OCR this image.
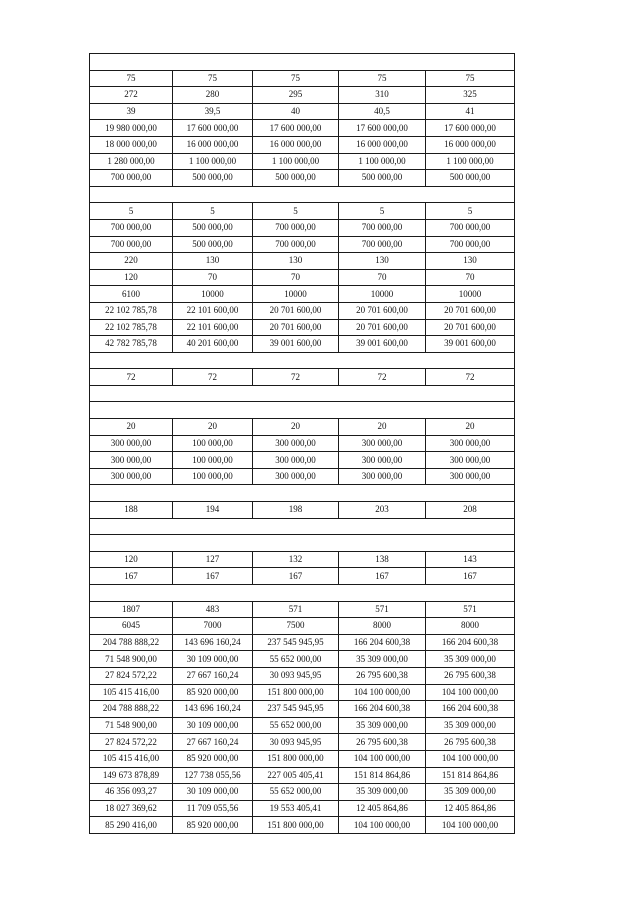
75	75	75	75	75
272	280	295	310	325
39	39,5	40	40,5	41
19 980 000,00	17 600 000,00	17 600 000,00	17 600 000,00	17 600 000,00
18 000 000,00	16 000 000,00	16 000 000,00	16 000 000,00	16 000 000,00
1 280 000,00	1 100 000,00	1 100 000,00	1 100 000,00	1 100 000,00
700 000,00	500 000,00	500 000,00	500 000,00	500 000,00

5	5	5	5	5
700 000,00	500 000,00	700 000,00	700 000,00	700 000,00
700 000,00	500 000,00	700 000,00	700 000,00	700 000,00
220	130	130	130	130
120	70	70	70	70
6100	10000	10000	10000	10000
22 102 785,78	22 101 600,00	20 701 600,00	20 701 600,00	20 701 600,00
22 102 785,78	22 101 600,00	20 701 600,00	20 701 600,00	20 701 600,00
42 782 785,78	40 201 600,00	39 001 600,00	39 001 600,00	39 001 600,00

72	72	72	72	72

20	20	20	20	20
300 000,00	100 000,00	300 000,00	300 000,00	300 000,00
300 000,00	100 000,00	300 000,00	300 000,00	300 000,00
300 000,00	100 000,00	300 000,00	300 000,00	300 000,00

188	194	198	203	208

120	127	132	138	143
167	167	167	167	167

1807	483	571	571	571
6045	7000	7500	8000	8000
204 788 888,22	143 696 160,24	237 545 945,95	166 204 600,38	166 204 600,38
71 548 900,00	30 109 000,00	55 652 000,00	35 309 000,00	35 309 000,00
27 824 572,22	27 667 160,24	30 093 945,95	26 795 600,38	26 795 600,38
105 415 416,00	85 920 000,00	151 800 000,00	104 100 000,00	104 100 000,00
204 788 888,22	143 696 160,24	237 545 945,95	166 204 600,38	166 204 600,38
71 548 900,00	30 109 000,00	55 652 000,00	35 309 000,00	35 309 000,00
27 824 572,22	27 667 160,24	30 093 945,95	26 795 600,38	26 795 600,38
105 415 416,00	85 920 000,00	151 800 000,00	104 100 000,00	104 100 000,00
149 673 878,89	127 738 055,56	227 005 405,41	151 814 864,86	151 814 864,86
46 356 093,27	30 109 000,00	55 652 000,00	35 309 000,00	35 309 000,00
18 027 369,62	11 709 055,56	19 553 405,41	12 405 864,86	12 405 864,86
85 290 416,00	85 920 000,00	151 800 000,00	104 100 000,00	104 100 000,00
